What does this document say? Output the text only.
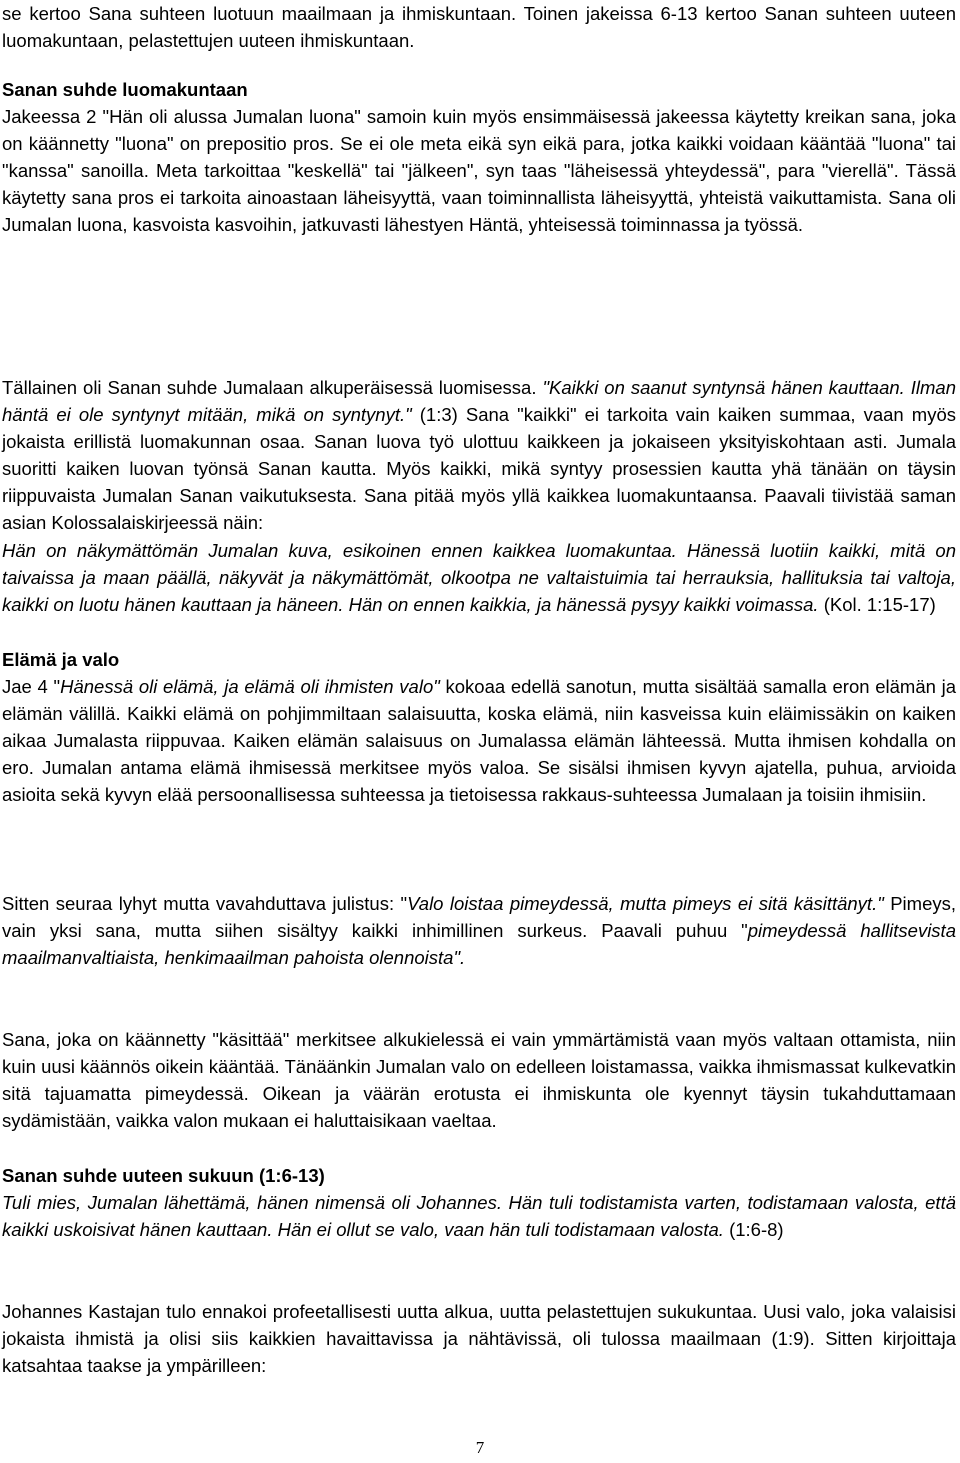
se kertoo Sana suhteen luotuun maailmaan ja ihmiskuntaan. Toinen jakeissa 6-13 kertoo Sanan suhteen uuteen luomakuntaan, pelastettujen uuteen ihmiskuntaan.

Sanan suhde luomakuntaan

Jakeessa 2 "Hän oli alussa Jumalan luona" samoin kuin myös ensimmäisessä jakeessa käytetty kreikan sana, joka on käännetty "luona" on prepositio pros. Se ei ole meta eikä syn eikä para, jotka kaikki voidaan kääntää "luona" tai "kanssa" sanoilla. Meta tarkoittaa "keskellä" tai "jälkeen", syn taas "läheisessä yhteydessä", para "vierellä". Tässä käytetty sana pros ei tarkoita ainoastaan läheisyyttä, vaan toiminnallista läheisyyttä, yhteistä vaikuttamista. Sana oli Jumalan luona, kasvoista kasvoihin, jatkuvasti lähestyen Häntä, yhteisessä toiminnassa ja työssä.

Tällainen oli Sanan suhde Jumalaan alkuperäisessä luomisessa. "Kaikki on saanut syntynsä hänen kauttaan. Ilman häntä ei ole syntynyt mitään, mikä on syntynyt." (1:3) Sana "kaikki" ei tarkoita vain kaiken summaa, vaan myös jokaista erillistä luomakunnan osaa. Sanan luova työ ulottuu kaikkeen ja jokaiseen yksityiskohtaan asti. Jumala suoritti kaiken luovan työnsä Sanan kautta. Myös kaikki, mikä syntyy prosessien kautta yhä tänään on täysin riippuvaista Jumalan Sanan vaikutuksesta. Sana pitää myös yllä kaikkea luomakuntaansa. Paavali tiivistää saman asian Kolossalaiskirjeessä näin:
Hän on näkymättömän Jumalan kuva, esikoinen ennen kaikkea luomakuntaa. Hänessä luotiin kaikki, mitä on taivaissa ja maan päällä, näkyvät ja näkymättömät, olkootpa ne valtaistuimia tai herrauksia, hallituksia tai valtoja, kaikki on luotu hänen kauttaan ja häneen. Hän on ennen kaikkia, ja hänessä pysyy kaikki voimassa. (Kol. 1:15-17)

Elämä ja valo

Jae 4 "Hänessä oli elämä, ja elämä oli ihmisten valo" kokoaa edellä sanotun, mutta sisältää samalla eron elämän ja elämän välillä. Kaikki elämä on pohjimmiltaan salaisuutta, koska elämä, niin kasveissa kuin eläimissäkin on kaiken aikaa Jumalasta riippuvaa. Kaiken elämän salaisuus on Jumalassa elämän lähteessä. Mutta ihmisen kohdalla on ero. Jumalan antama elämä ihmisessä merkitsee myös valoa. Se sisälsi ihmisen kyvyn ajatella, puhua, arvioida asioita sekä kyvyn elää persoonallisessa suhteessa ja tietoisessa rakkaus-suhteessa Jumalaan ja toisiin ihmisiin.

Sitten seuraa lyhyt mutta vavahduttava julistus: "Valo loistaa pimeydessä, mutta pimeys ei sitä käsittänyt." Pimeys, vain yksi sana, mutta siihen sisältyy kaikki inhimillinen surkeus. Paavali puhuu "pimeydessä hallitsevista maailmanvaltiaista, henkimaailman pahoista olennoista".

Sana, joka on käännetty "käsittää" merkitsee alkukielessä ei vain ymmärtämistä vaan myös valtaan ottamista, niin kuin uusi käännös oikein kääntää. Tänäänkin Jumalan valo on edelleen loistamassa, vaikka ihmismassat kulkevatkin sitä tajuamatta pimeydessä. Oikean ja väärän erotusta ei ihmiskunta ole kyennyt täysin tukahduttamaan sydämistään, vaikka valon mukaan ei haluttaisikaan vaeltaa.

Sanan suhde uuteen sukuun (1:6-13)

Tuli mies, Jumalan lähettämä, hänen nimensä oli Johannes. Hän tuli todistamista varten, todistamaan valosta, että kaikki uskoisivat hänen kauttaan. Hän ei ollut se valo, vaan hän tuli todistamaan valosta. (1:6-8)

Johannes Kastajan tulo ennakoi profeetallisesti uutta alkua, uutta pelastettujen sukukuntaa. Uusi valo, joka valaisisi jokaista ihmistä ja olisi siis kaikkien havaittavissa ja nähtävissä, oli tulossa maailmaan (1:9). Sitten kirjoittaja katsahtaa taakse ja ympärilleen:

7
